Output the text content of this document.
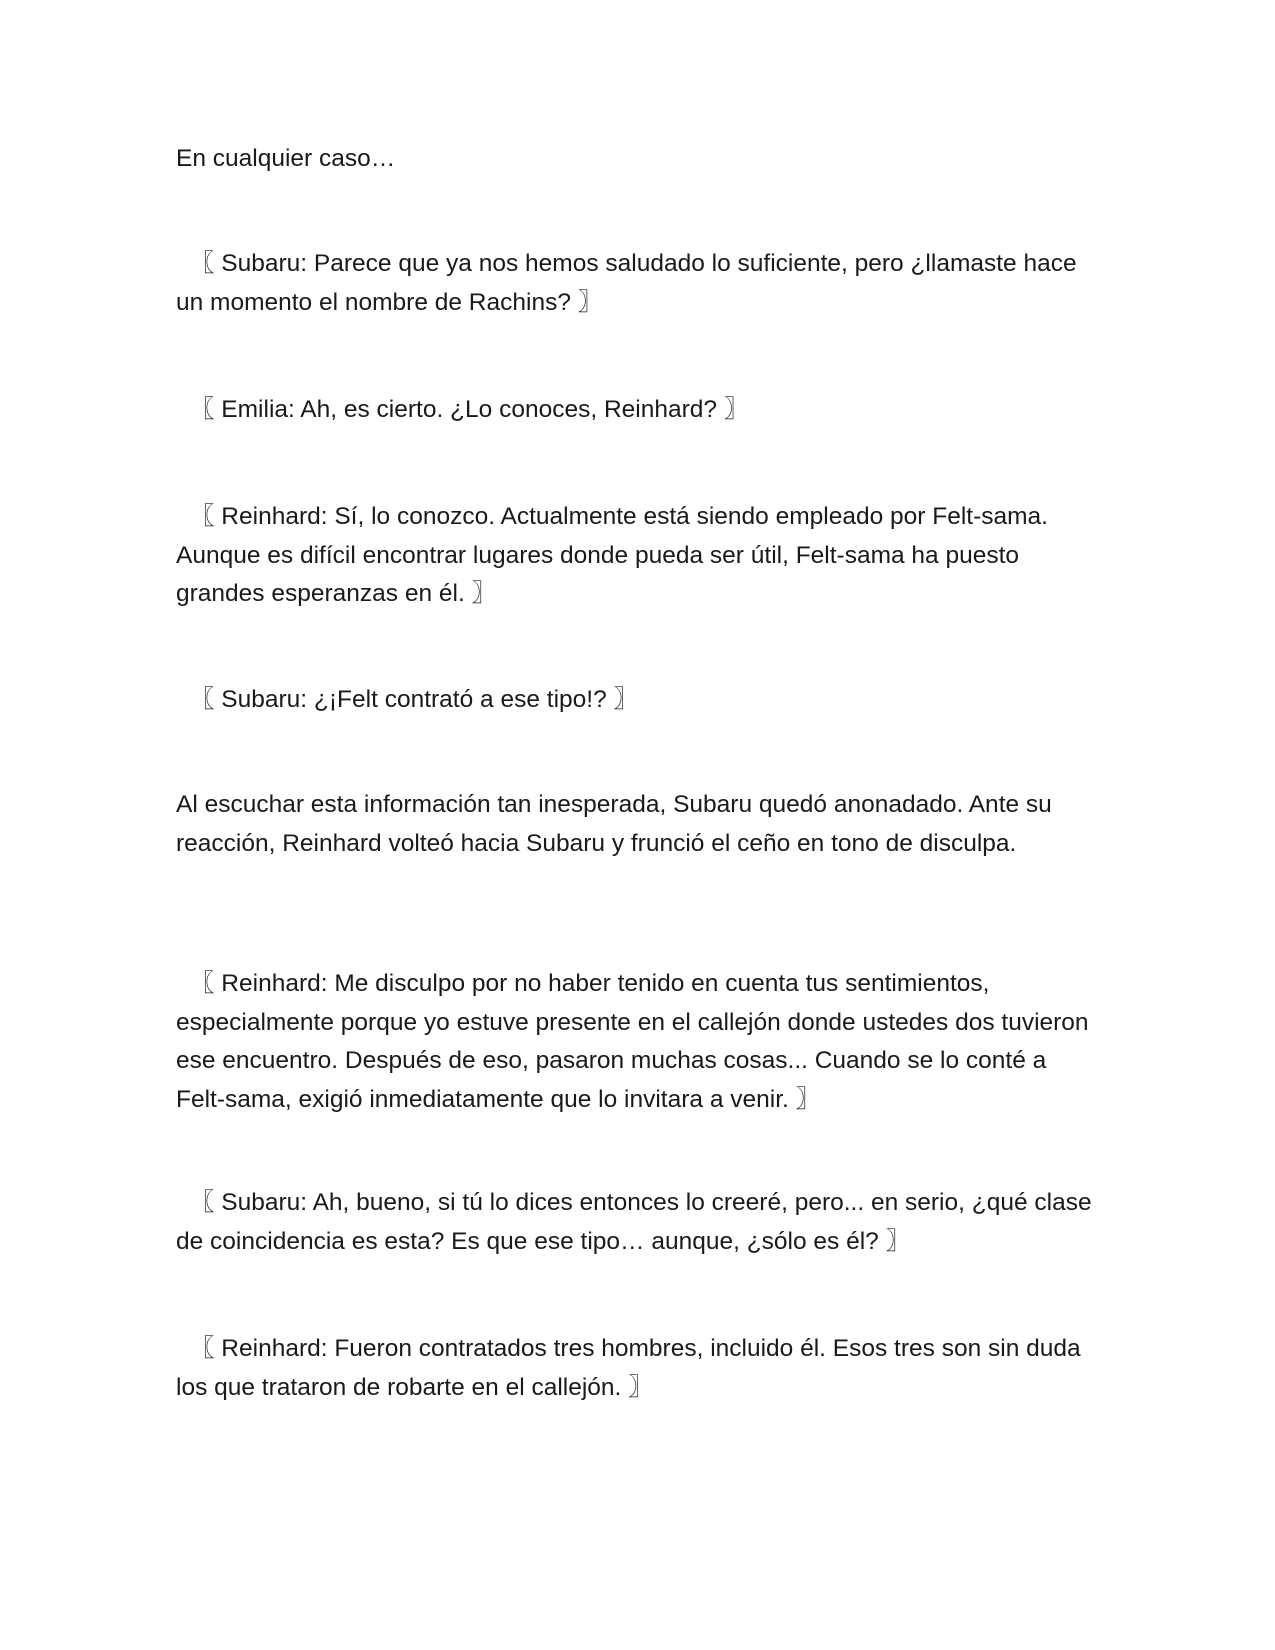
En cualquier caso…

〖 Subaru: Parece que ya nos hemos saludado lo suficiente, pero ¿llamaste hace un momento el nombre de Rachins? 〗

〖 Emilia: Ah, es cierto. ¿Lo conoces, Reinhard? 〗

〖 Reinhard: Sí, lo conozco. Actualmente está siendo empleado por Felt-sama. Aunque es difícil encontrar lugares donde pueda ser útil, Felt-sama ha puesto grandes esperanzas en él. 〗

〖 Subaru: ¿¡Felt contrató a ese tipo!? 〗

Al escuchar esta información tan inesperada, Subaru quedó anonadado. Ante su reacción, Reinhard volteó hacia Subaru y frunció el ceño en tono de disculpa.

〖 Reinhard: Me disculpo por no haber tenido en cuenta tus sentimientos, especialmente porque yo estuve presente en el callejón donde ustedes dos tuvieron ese encuentro. Después de eso, pasaron muchas cosas... Cuando se lo conté a Felt-sama, exigió inmediatamente que lo invitara a venir. 〗

〖 Subaru: Ah, bueno, si tú lo dices entonces lo creeré, pero... en serio, ¿qué clase de coincidencia es esta? Es que ese tipo… aunque, ¿sólo es él? 〗

〖 Reinhard: Fueron contratados tres hombres, incluido él. Esos tres son sin duda los que trataron de robarte en el callejón. 〗
